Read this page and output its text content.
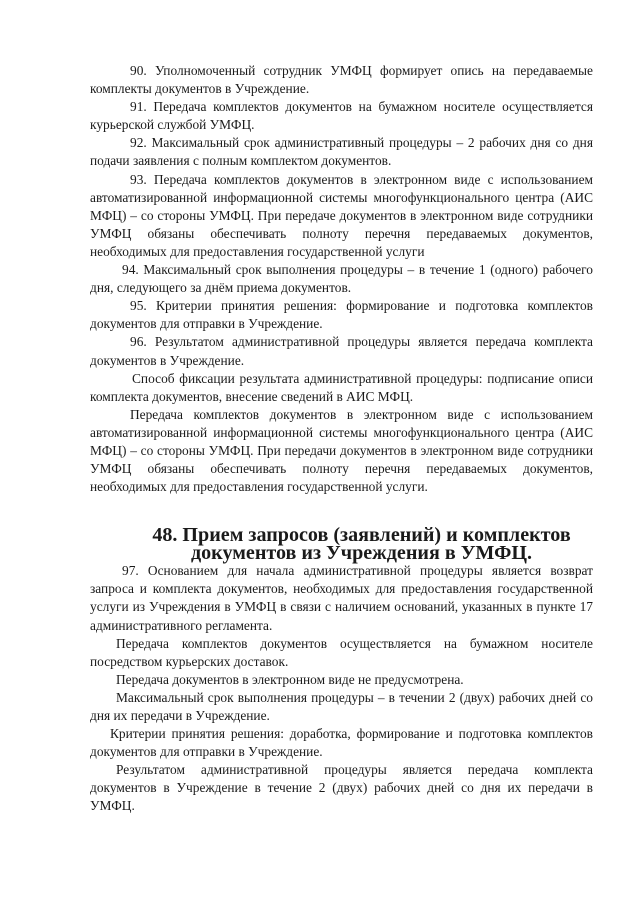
90. Уполномоченный сотрудник УМФЦ формирует опись на передаваемые комплекты документов в Учреждение.

91. Передача комплектов документов на бумажном носителе осуществляется курьерской службой УМФЦ.

92. Максимальный срок административный процедуры – 2 рабочих дня со дня подачи заявления с полным комплектом документов.

93. Передача комплектов документов в электронном виде с использованием автоматизированной информационной системы многофункционального центра (АИС МФЦ) – со стороны УМФЦ. При передаче документов в электронном виде сотрудники УМФЦ обязаны обеспечивать полноту перечня передаваемых документов, необходимых для предоставления государственной услуги

94. Максимальный срок выполнения процедуры – в течение 1 (одного) рабочего дня, следующего за днём приема документов.

95. Критерии принятия решения: формирование и подготовка комплектов документов для отправки в Учреждение.

96. Результатом административной процедуры является передача комплекта документов в Учреждение.

Способ фиксации результата административной процедуры: подписание описи комплекта документов, внесение сведений в АИС МФЦ.

Передача комплектов документов в электронном виде с использованием автоматизированной информационной системы многофункционального центра (АИС МФЦ) – со стороны УМФЦ. При передачи документов в электронном виде сотрудники УМФЦ обязаны обеспечивать полноту перечня передаваемых документов, необходимых для предоставления государственной услуги.

48. Прием запросов (заявлений) и комплектов документов из Учреждения в УМФЦ.

97. Основанием для начала административной процедуры является возврат запроса и комплекта документов, необходимых для предоставления государственной услуги из Учреждения в УМФЦ в связи с наличием оснований, указанных в пункте 17 административного регламента.

Передача комплектов документов осуществляется на бумажном носителе посредством курьерских доставок.

Передача документов в электронном виде не предусмотрена.

Максимальный срок выполнения процедуры – в течении 2 (двух) рабочих дней со дня их передачи в Учреждение.

Критерии принятия решения: доработка, формирование и подготовка комплектов документов для отправки в Учреждение.

Результатом административной процедуры является передача комплекта документов в Учреждение в течение 2 (двух) рабочих дней со дня их передачи в УМФЦ.
